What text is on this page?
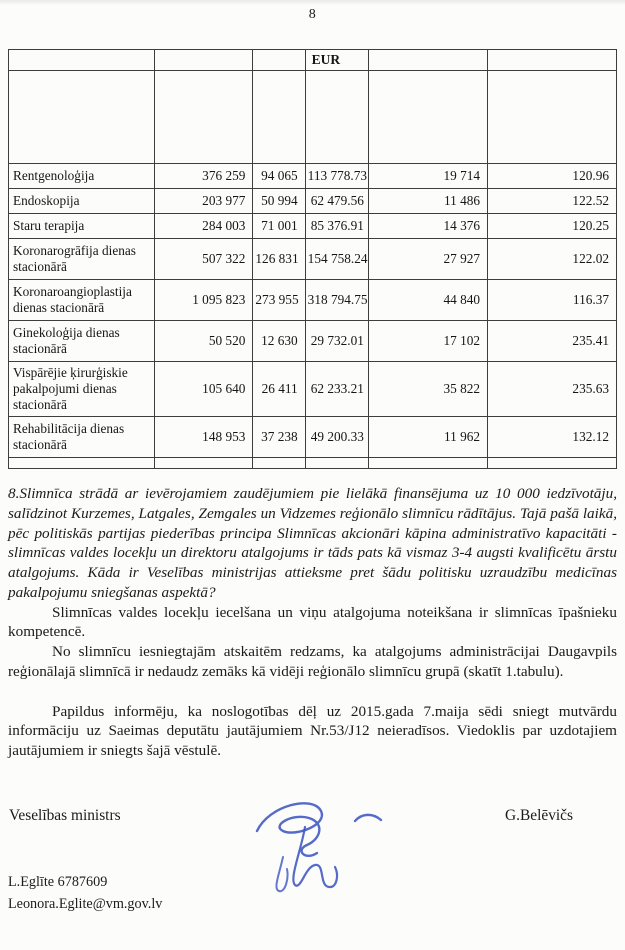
8
			EUR		

Rentgenoloģija	376 259	94 065	113 778.73	19 714	120.96
Endoskopija	203 977	50 994	62 479.56	11 486	122.52
Staru terapija	284 003	71 001	85 376.91	14 376	120.25
Koronarogrāfija dienas stacionārā	507 322	126 831	154 758.24	27 927	122.02
Koronaroangioplastija dienas stacionārā	1 095 823	273 955	318 794.75	44 840	116.37
Ginekoloģija dienas stacionārā	50 520	12 630	29 732.01	17 102	235.41
Vispārējie ķirurģiskie pakalpojumi dienas stacionārā	105 640	26 411	62 233.21	35 822	235.63
Rehabilitācija dienas stacionārā	148 953	37 238	49 200.33	11 962	132.12

8.Slimnīca strādā ar ievērojamiem zaudējumiem pie lielākā finansējuma uz 10 000 iedzīvotāju, salīdzinot Kurzemes, Latgales, Zemgales un Vidzemes reģionālo slimnīcu rādītājus. Tajā pašā laikā, pēc politiskās partijas piederības principa Slimnīcas akcionāri kāpina administratīvo kapacitāti - slimnīcas valdes locekļu un direktoru atalgojums ir tāds pats kā vismaz 3-4 augsti kvalificētu ārstu atalgojums. Kāda ir Veselības ministrijas attieksme pret šādu politisku uzraudzību medicīnas pakalpojumu sniegšanas aspektā?

Slimnīcas valdes locekļu iecelšana un viņu atalgojuma noteikšana ir slimnīcas īpašnieku kompetencē.

No slimnīcu iesniegtajām atskaitēm redzams, ka atalgojums administrācijai Daugavpils reģionālajā slimnīcā ir nedaudz zemāks kā vidēji reģionālo slimnīcu grupā (skatīt 1.tabulu).

Papildus informēju, ka noslogotības dēļ uz 2015.gada 7.maija sēdi sniegt mutvārdu informāciju uz Saeimas deputātu jautājumiem Nr.53/J12 neieradīsos. Viedoklis par uzdotajiem jautājumiem ir sniegts šajā vēstulē.

Veselības ministrs	G.Belēvičs
L.Eglīte 6787609
Leonora.Eglite@vm.gov.lv
